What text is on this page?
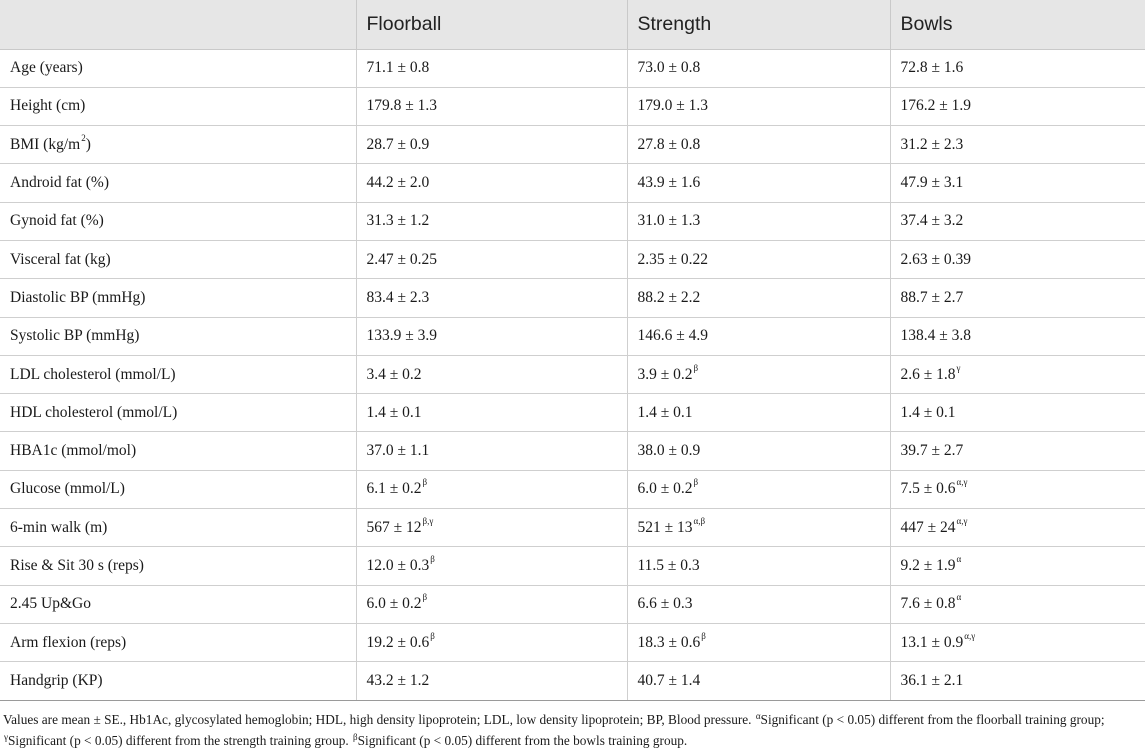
	Floorball	Strength	Bowls
Age (years)	71.1 ± 0.8	73.0 ± 0.8	72.8 ± 1.6
Height (cm)	179.8 ± 1.3	179.0 ± 1.3	176.2 ± 1.9
BMI $(kg/m^2)$	28.7 ± 0.9	27.8 ± 0.8	31.2 ± 2.3
Android fat (%)	44.2 ± 2.0	43.9 ± 1.6	47.9 ± 3.1
Gynoid fat (%)	31.3 ± 1.2	31.0 ± 1.3	37.4 ± 3.2
Visceral fat (kg)	2.47 ± 0.25	2.35 ± 0.22	2.63 ± 0.39
Diastolic BP (mmHg)	83.4 ± 2.3	88.2 ± 2.2	88.7 ± 2.7
Systolic BP (mmHg)	133.9 ± 3.9	146.6 ± 4.9	138.4 ± 3.8
LDL cholesterol (mmol/L)	3.4 ± 0.2	$3.9 \pm 0.2^\beta$	$2.6 \pm 1.8^\gamma$
HDL cholesterol (mmol/L)	1.4 ± 0.1	1.4 ± 0.1	1.4 ± 0.1
HBA1c (mmol/mol)	37.0 ± 1.1	38.0 ± 0.9	39.7 ± 2.7
Glucose (mmol/L)	$6.1 \pm 0.2^\beta$	$6.0 \pm 0.2^\beta$	$7.5 \pm 0.6^{\alpha,\gamma}$
6-min walk (m)	$567 \pm 12^{\beta,\gamma}$	$521 \pm 13^{\alpha,\beta}$	$447 \pm 24^{\alpha,\gamma}$
Rise & Sit 30 s (reps)	$12.0 \pm 0.3^\beta$	11.5 ± 0.3	$9.2 \pm 1.9^\alpha$
2.45 Up&Go	$6.0 \pm 0.2^\beta$	6.6 ± 0.3	$7.6 \pm 0.8^\alpha$
Arm flexion (reps)	$19.2 \pm 0.6^\beta$	$18.3 \pm 0.6^\beta$	$13.1 \pm 0.9^{\alpha,\gamma}$
Handgrip (KP)	43.2 ± 1.2	40.7 ± 1.4	36.1 ± 2.1
Values are mean ± SE., Hb1Ac, glycosylated hemoglobin; HDL, high density lipoprotein; LDL, low density lipoprotein; BP, Blood pressure. $^\alpha$Significant (p < 0.05) different from the floorball training group; $^\gamma$Significant (p < 0.05) different from the strength training group. $^\beta$Significant (p < 0.05) different from the bowls training group.
